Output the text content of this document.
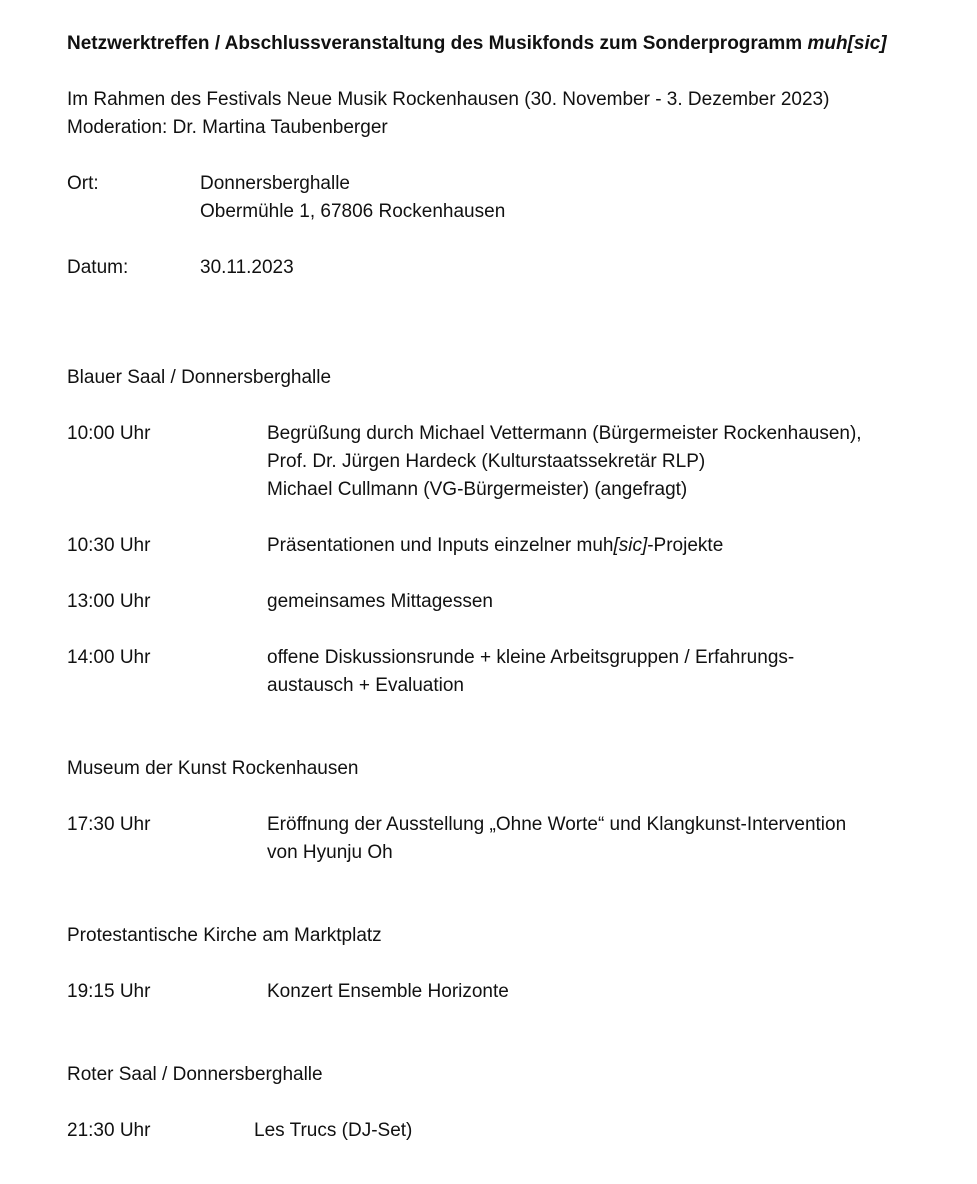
Netzwerktreffen / Abschlussveranstaltung des Musikfonds zum Sonderprogramm muh[sic]

Im Rahmen des Festivals Neue Musik Rockenhausen (30. November - 3. Dezember 2023)
Moderation: Dr. Martina Taubenberger
Ort:	Donnersberghalle
Obermühle 1, 67806 Rockenhausen
Datum:	30.11.2023
Blauer Saal / Donnersberghalle
10:00 Uhr	Begrüßung durch Michael Vettermann (Bürgermeister Rockenhausen),
Prof. Dr. Jürgen Hardeck (Kulturstaatssekretär RLP)
Michael Cullmann (VG-Bürgermeister) (angefragt)
10:30 Uhr	Präsentationen und Inputs einzelner muh[sic]-Projekte
13:00 Uhr	gemeinsames Mittagessen
14:00 Uhr	offene Diskussionsrunde + kleine Arbeitsgruppen / Erfahrungs-
austausch + Evaluation
Museum der Kunst Rockenhausen
17:30 Uhr	Eröffnung der Ausstellung „Ohne Worte“ und Klangkunst-Intervention
von Hyunju Oh
Protestantische Kirche am Marktplatz
19:15 Uhr	Konzert Ensemble Horizonte
Roter Saal / Donnersberghalle
21:30 Uhr	Les Trucs (DJ-Set)
